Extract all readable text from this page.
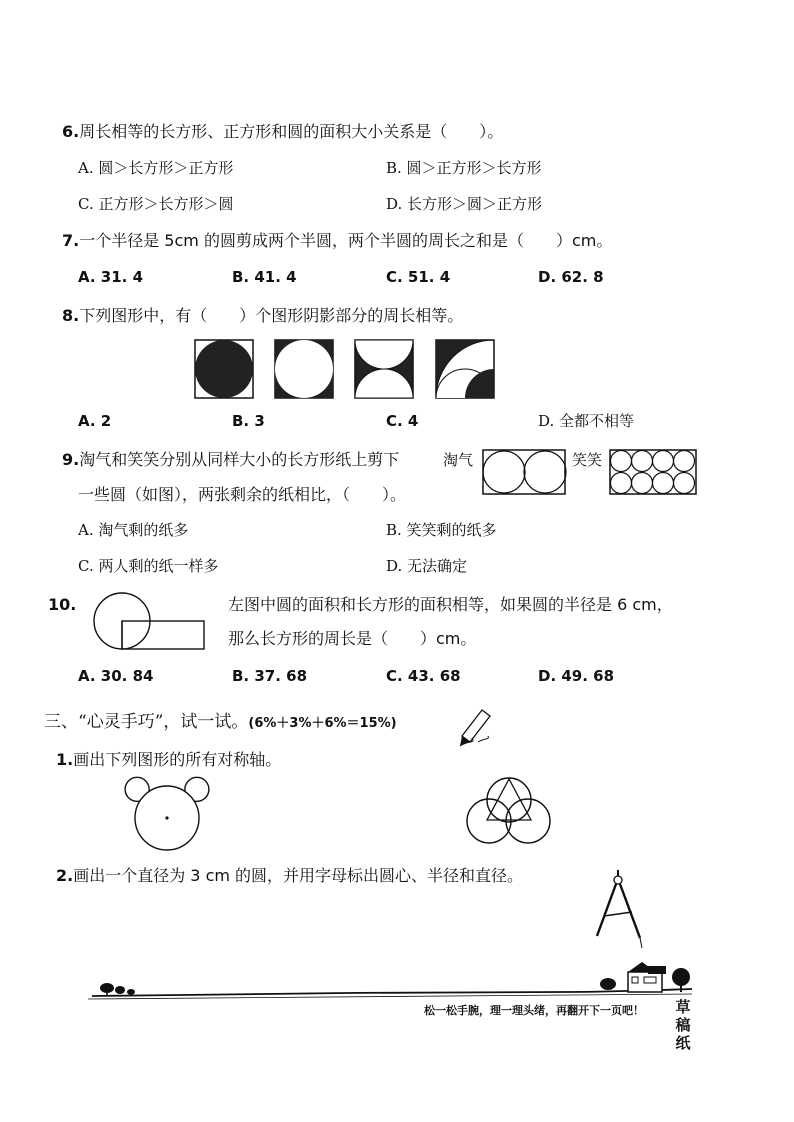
6.周长相等的长方形、正方形和圆的面积大小关系是（　　）。
A. 圆＞长方形＞正方形	B. 圆＞正方形＞长方形
C. 正方形＞长方形＞圆	D. 长方形＞圆＞正方形
7.一个半径是 5cm 的圆剪成两个半圆，两个半圆的周长之和是（　　）cm。
A. 31. 4	B. 41. 4	C. 51. 4	D. 62. 8
8.下列图形中，有（　　）个图形阴影部分的周长相等。
A. 2	B. 3	C. 4	D. 全都不相等
9.淘气和笑笑分别从同样大小的长方形纸上剪下	淘气	笑笑
一些圆（如图），两张剩余的纸相比，（　　）。
A. 淘气剩的纸多	B. 笑笑剩的纸多
C. 两人剩的纸一样多	D. 无法确定
10.	左图中圆的面积和长方形的面积相等，如果圆的半径是 6 cm，
那么长方形的周长是（　　）cm。
A. 30. 84	B. 37. 68	C. 43. 68	D. 49. 68
三、“心灵手巧”，试一试。(6%＋3%＋6%＝15%)
1.画出下列图形的所有对称轴。
2.画出一个直径为 3 cm 的圆，并用字母标出圆心、半径和直径。
松一松手腕，理一理头绪，再翻开下一页吧！ 草
稿
纸
